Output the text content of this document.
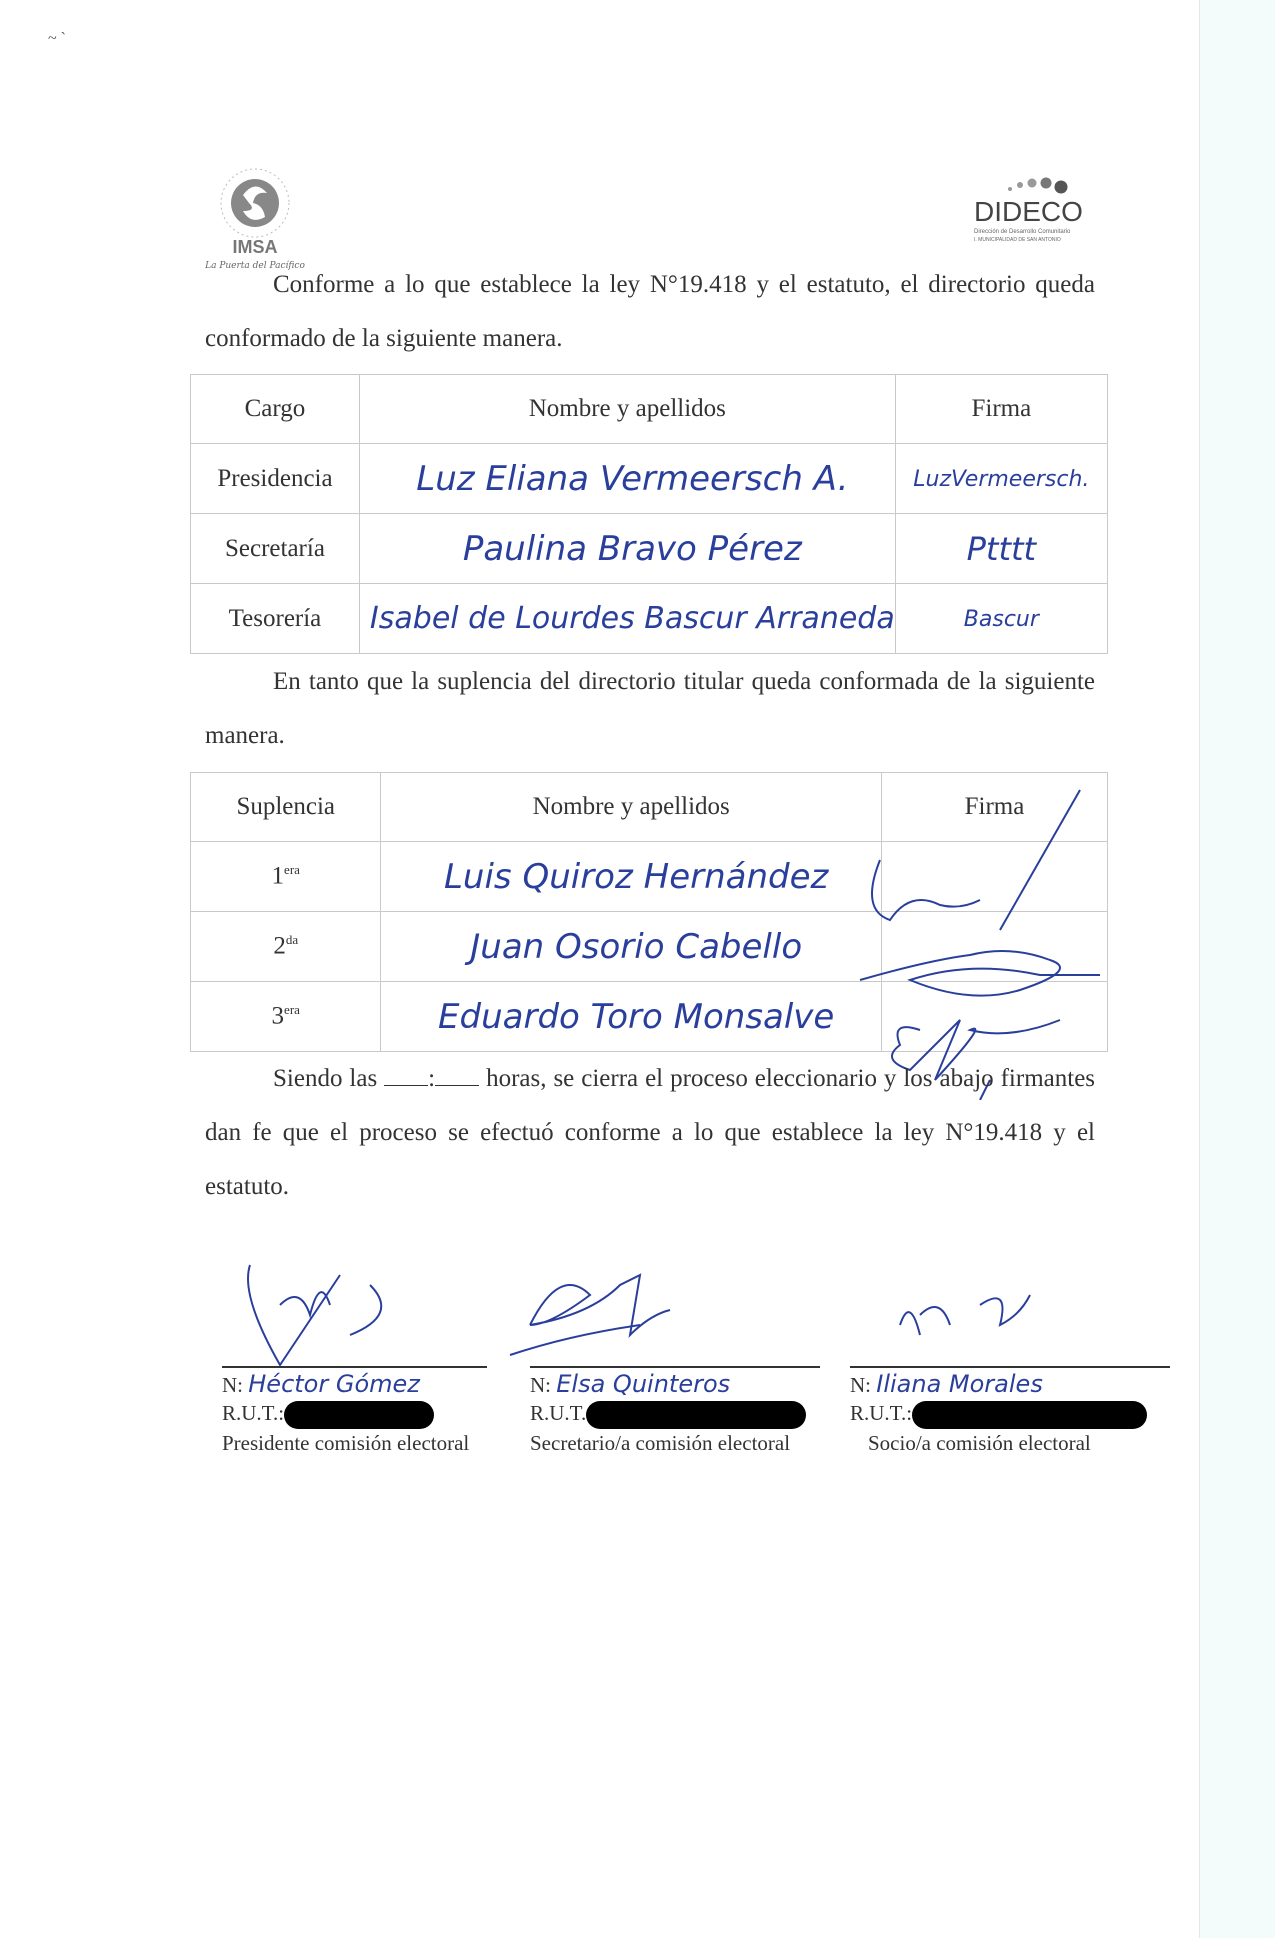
~ `
IMSA
La Puerta del Pacífico
DIDECO
Dirección de Desarrollo Comunitario
I. MUNICIPALIDAD DE SAN ANTONIO
Conforme a lo que establece la ley N°19.418 y el estatuto, el directorio queda conformado de la siguiente manera.
Cargo	Nombre y apellidos	Firma
Presidencia	Luz Eliana Vermeersch A.	LuzVermeersch.
Secretaría	Paulina Bravo Pérez	Ptttt
Tesorería	Isabel de Lourdes Bascur Arraneda	Bascur
En tanto que la suplencia del directorio titular queda conformada de la siguiente manera.
Suplencia	Nombre y apellidos	Firma
$1^{era}$	Luis Quiroz Hernández	
$2^{da}$	Juan Osorio Cabello	
$3^{era}$	Eduardo Toro Monsalve	
Siendo las : horas, se cierra el proceso eleccionario y los abajo firmantes dan fe que el proceso se efectuó conforme a lo que establece la ley N°19.418 y el estatuto.
N: Héctor Gómez
R.U.T.:
Presidente comisión electoral
N: Elsa Quinteros
R.U.T.
Secretario/a comisión electoral
N: Iliana Morales
R.U.T.:
Socio/a comisión electoral
